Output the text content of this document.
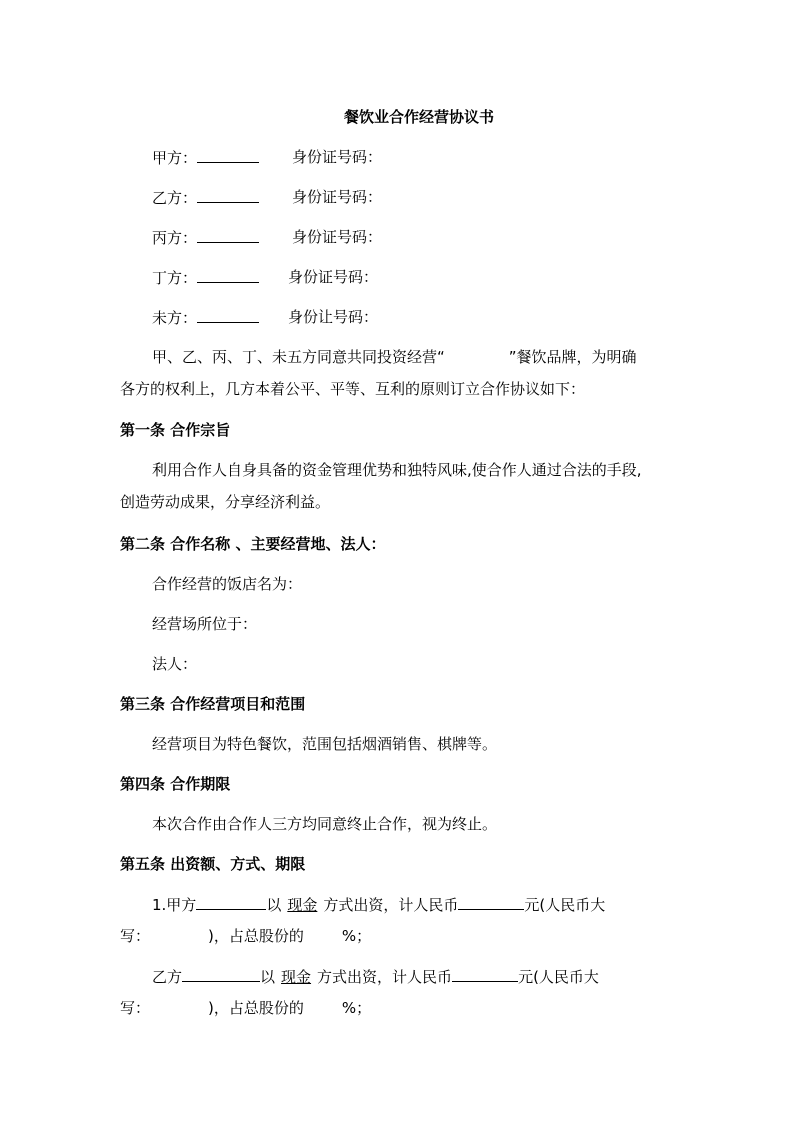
餐饮业合作经营协议书
甲方：	身份证号码：
乙方：	身份证号码：
丙方：	身份证号码：
丁方：	身份证号码：
未方：	身份让号码：
甲、乙、丙、丁、未五方同意共同投资经营“	”餐饮品牌，为明确
各方的权利上，几方本着公平、平等、互利的原则订立合作协议如下：
第一条 合作宗旨
利用合作人自身具备的资金管理优势和独特风味,使合作人通过合法的手段,
创造劳动成果，分享经济利益。
第二条 合作名称 、主要经营地、法人：
合作经营的饭店名为：
经营场所位于：
法人：
第三条 合作经营项目和范围
经营项目为特色餐饮，范围包括烟酒销售、棋牌等。
第四条 合作期限
本次合作由合作人三方均同意终止合作，视为终止。
第五条 出资额、方式、期限
1.甲方	以 现金 方式出资，计人民币	元(人民币大
写：	)，占总股份的	%；
乙方	以 现金 方式出资，计人民币	元(人民币大
写：	)，占总股份的	%；
